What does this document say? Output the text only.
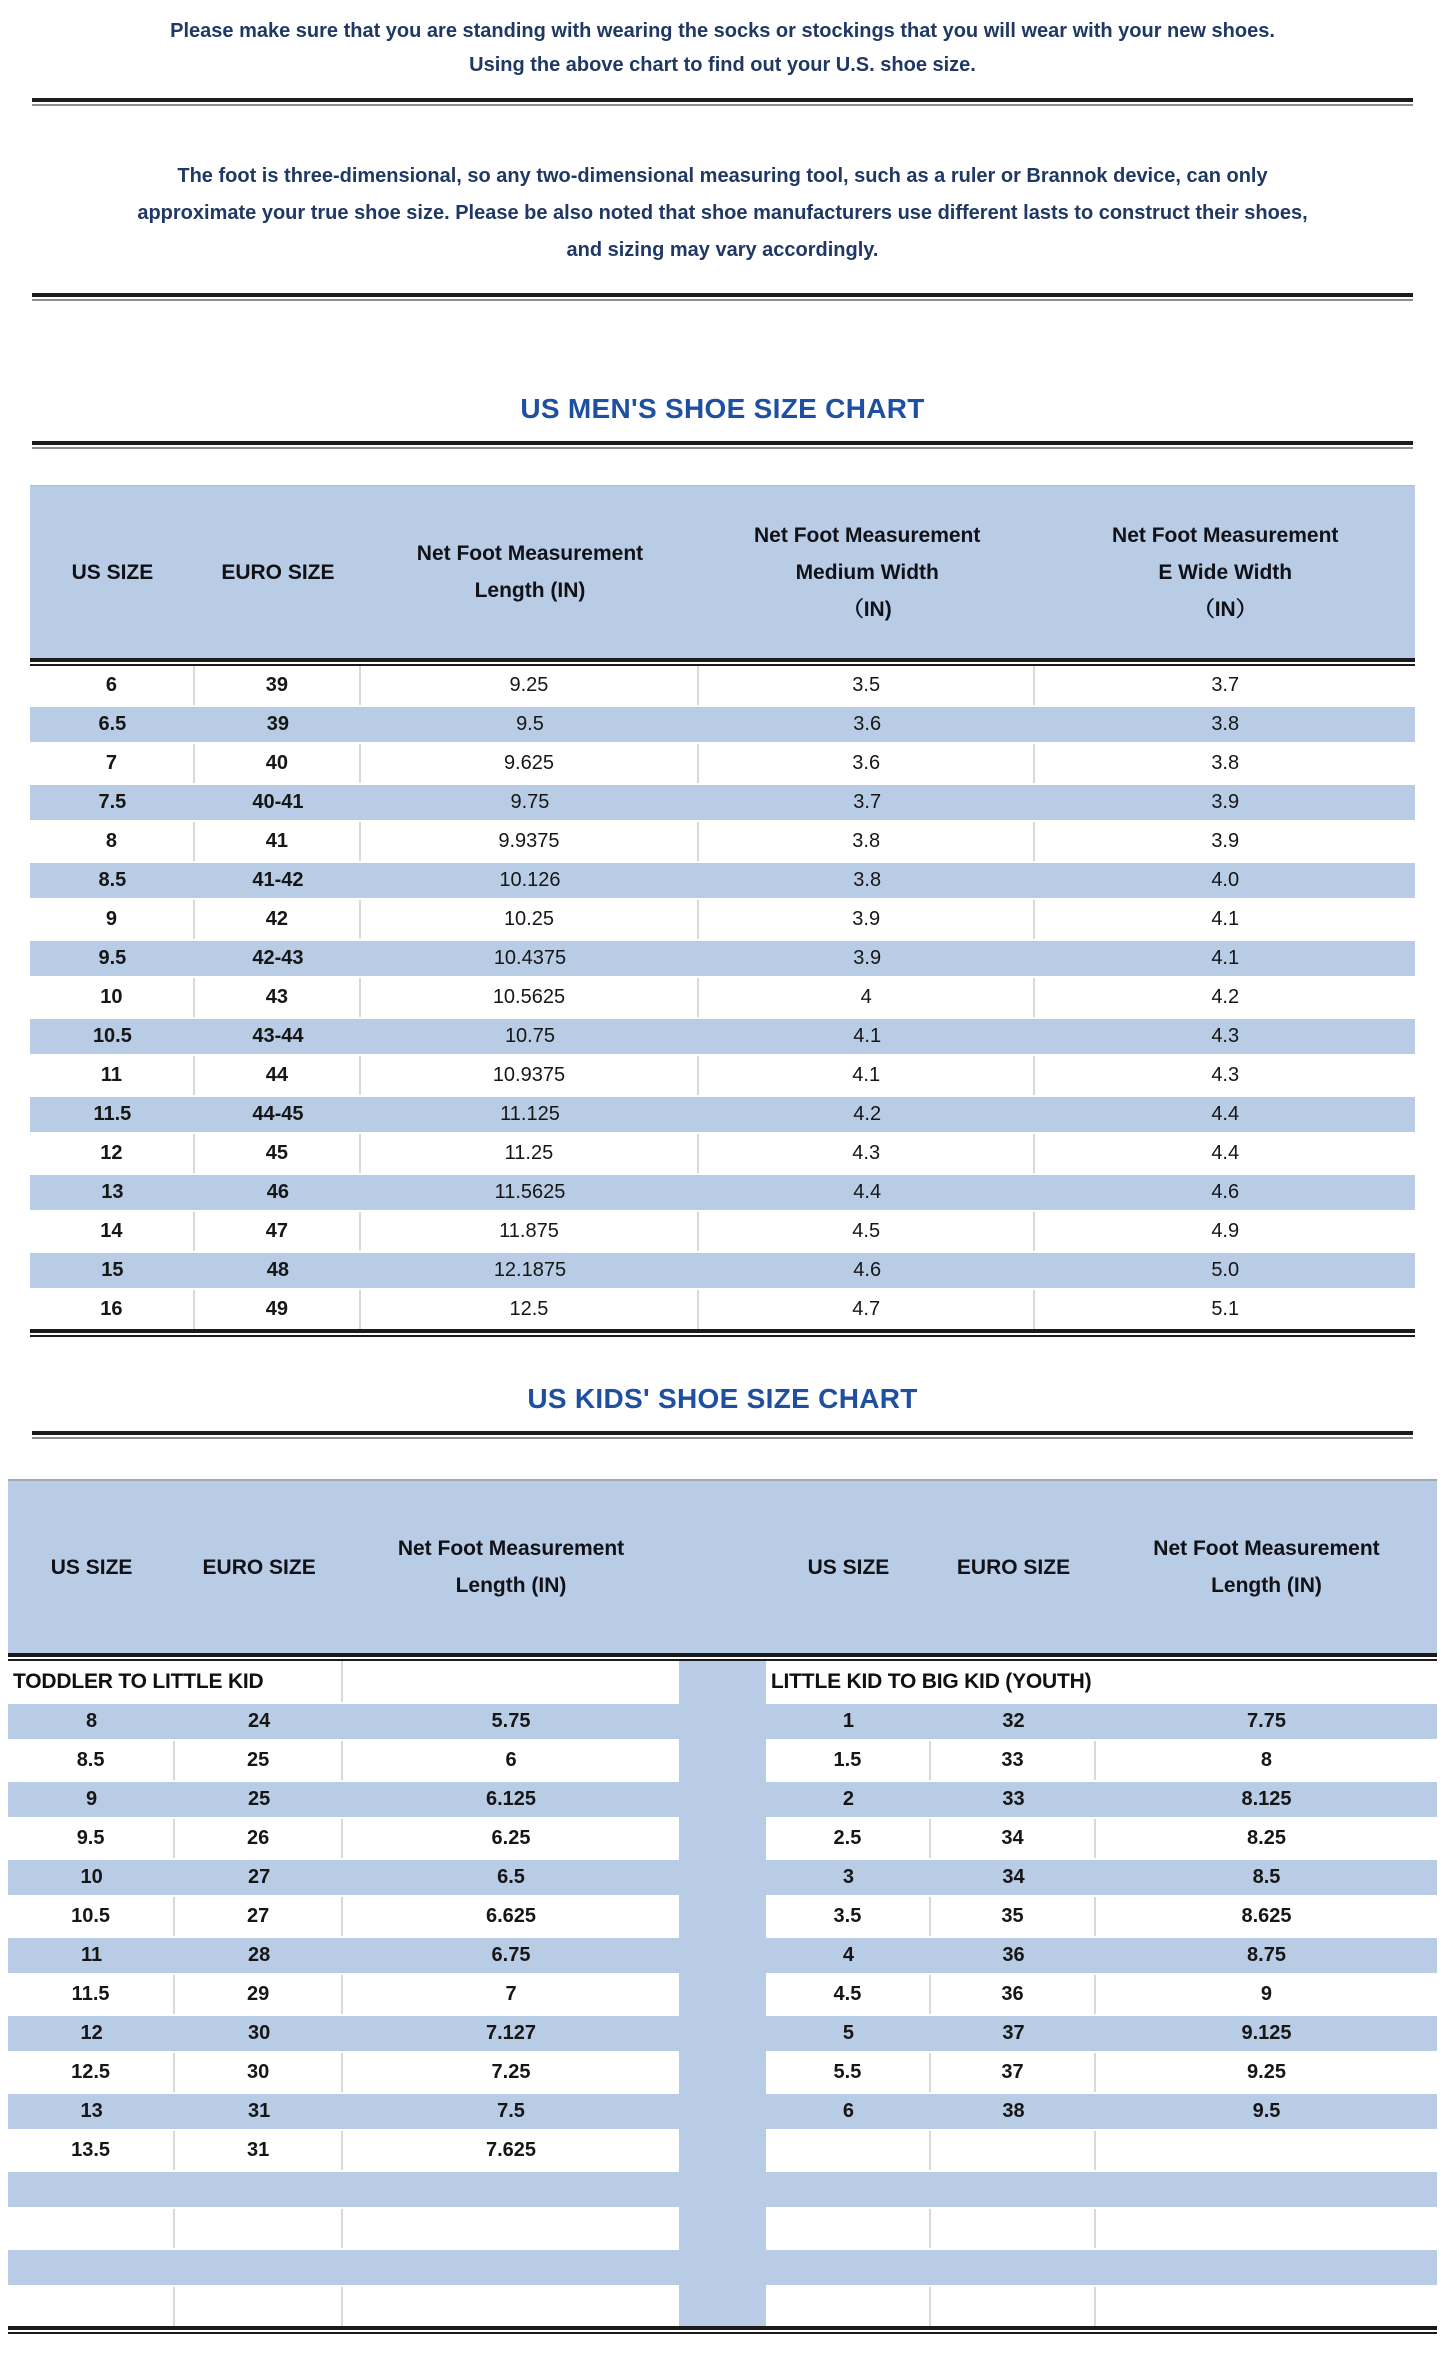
Please make sure that you are standing with wearing the socks or stockings that you will wear with your new shoes.
Using the above chart to find out your U.S. shoe size.

The foot is three-dimensional, so any two-dimensional measuring tool, such as a ruler or Brannok device, can only approximate your true shoe size. Please be also noted that shoe manufacturers use different lasts to construct their shoes, and sizing may vary accordingly.

US MEN'S SHOE SIZE CHART
US SIZE	EURO SIZE
Net Foot Measurement
Length (IN)
Net Foot Measurement
Medium Width
（IN)
Net Foot Measurement
E Wide Width
（IN）
6	39	9.25	3.5	3.7
6.5	39	9.5	3.6	3.8
7	40	9.625	3.6	3.8
7.5	40-41	9.75	3.7	3.9
8	41	9.9375	3.8	3.9
8.5	41-42	10.126	3.8	4.0
9	42	10.25	3.9	4.1
9.5	42-43	10.4375	3.9	4.1
10	43	10.5625	4	4.2
10.5	43-44	10.75	4.1	4.3
11	44	10.9375	4.1	4.3
11.5	44-45	11.125	4.2	4.4
12	45	11.25	4.3	4.4
13	46	11.5625	4.4	4.6
14	47	11.875	4.5	4.9
15	48	12.1875	4.6	5.0
16	49	12.5	4.7	5.1
US KIDS' SHOE SIZE CHART
US SIZE	EURO SIZE
Net Foot Measurement
Length (IN)
US SIZE	EURO SIZE
Net Foot Measurement
Length (IN)
TODDLER TO LITTLE KID	LITTLE KID TO BIG KID (YOUTH)
8	24	5.75	1	32	7.75
8.5	25	6	1.5	33	8
9	25	6.125	2	33	8.125
9.5	26	6.25	2.5	34	8.25
10	27	6.5	3	34	8.5
10.5	27	6.625	3.5	35	8.625
11	28	6.75	4	36	8.75
11.5	29	7	4.5	36	9
12	30	7.127	5	37	9.125
12.5	30	7.25	5.5	37	9.25
13	31	7.5	6	38	9.5
13.5	31	7.625
